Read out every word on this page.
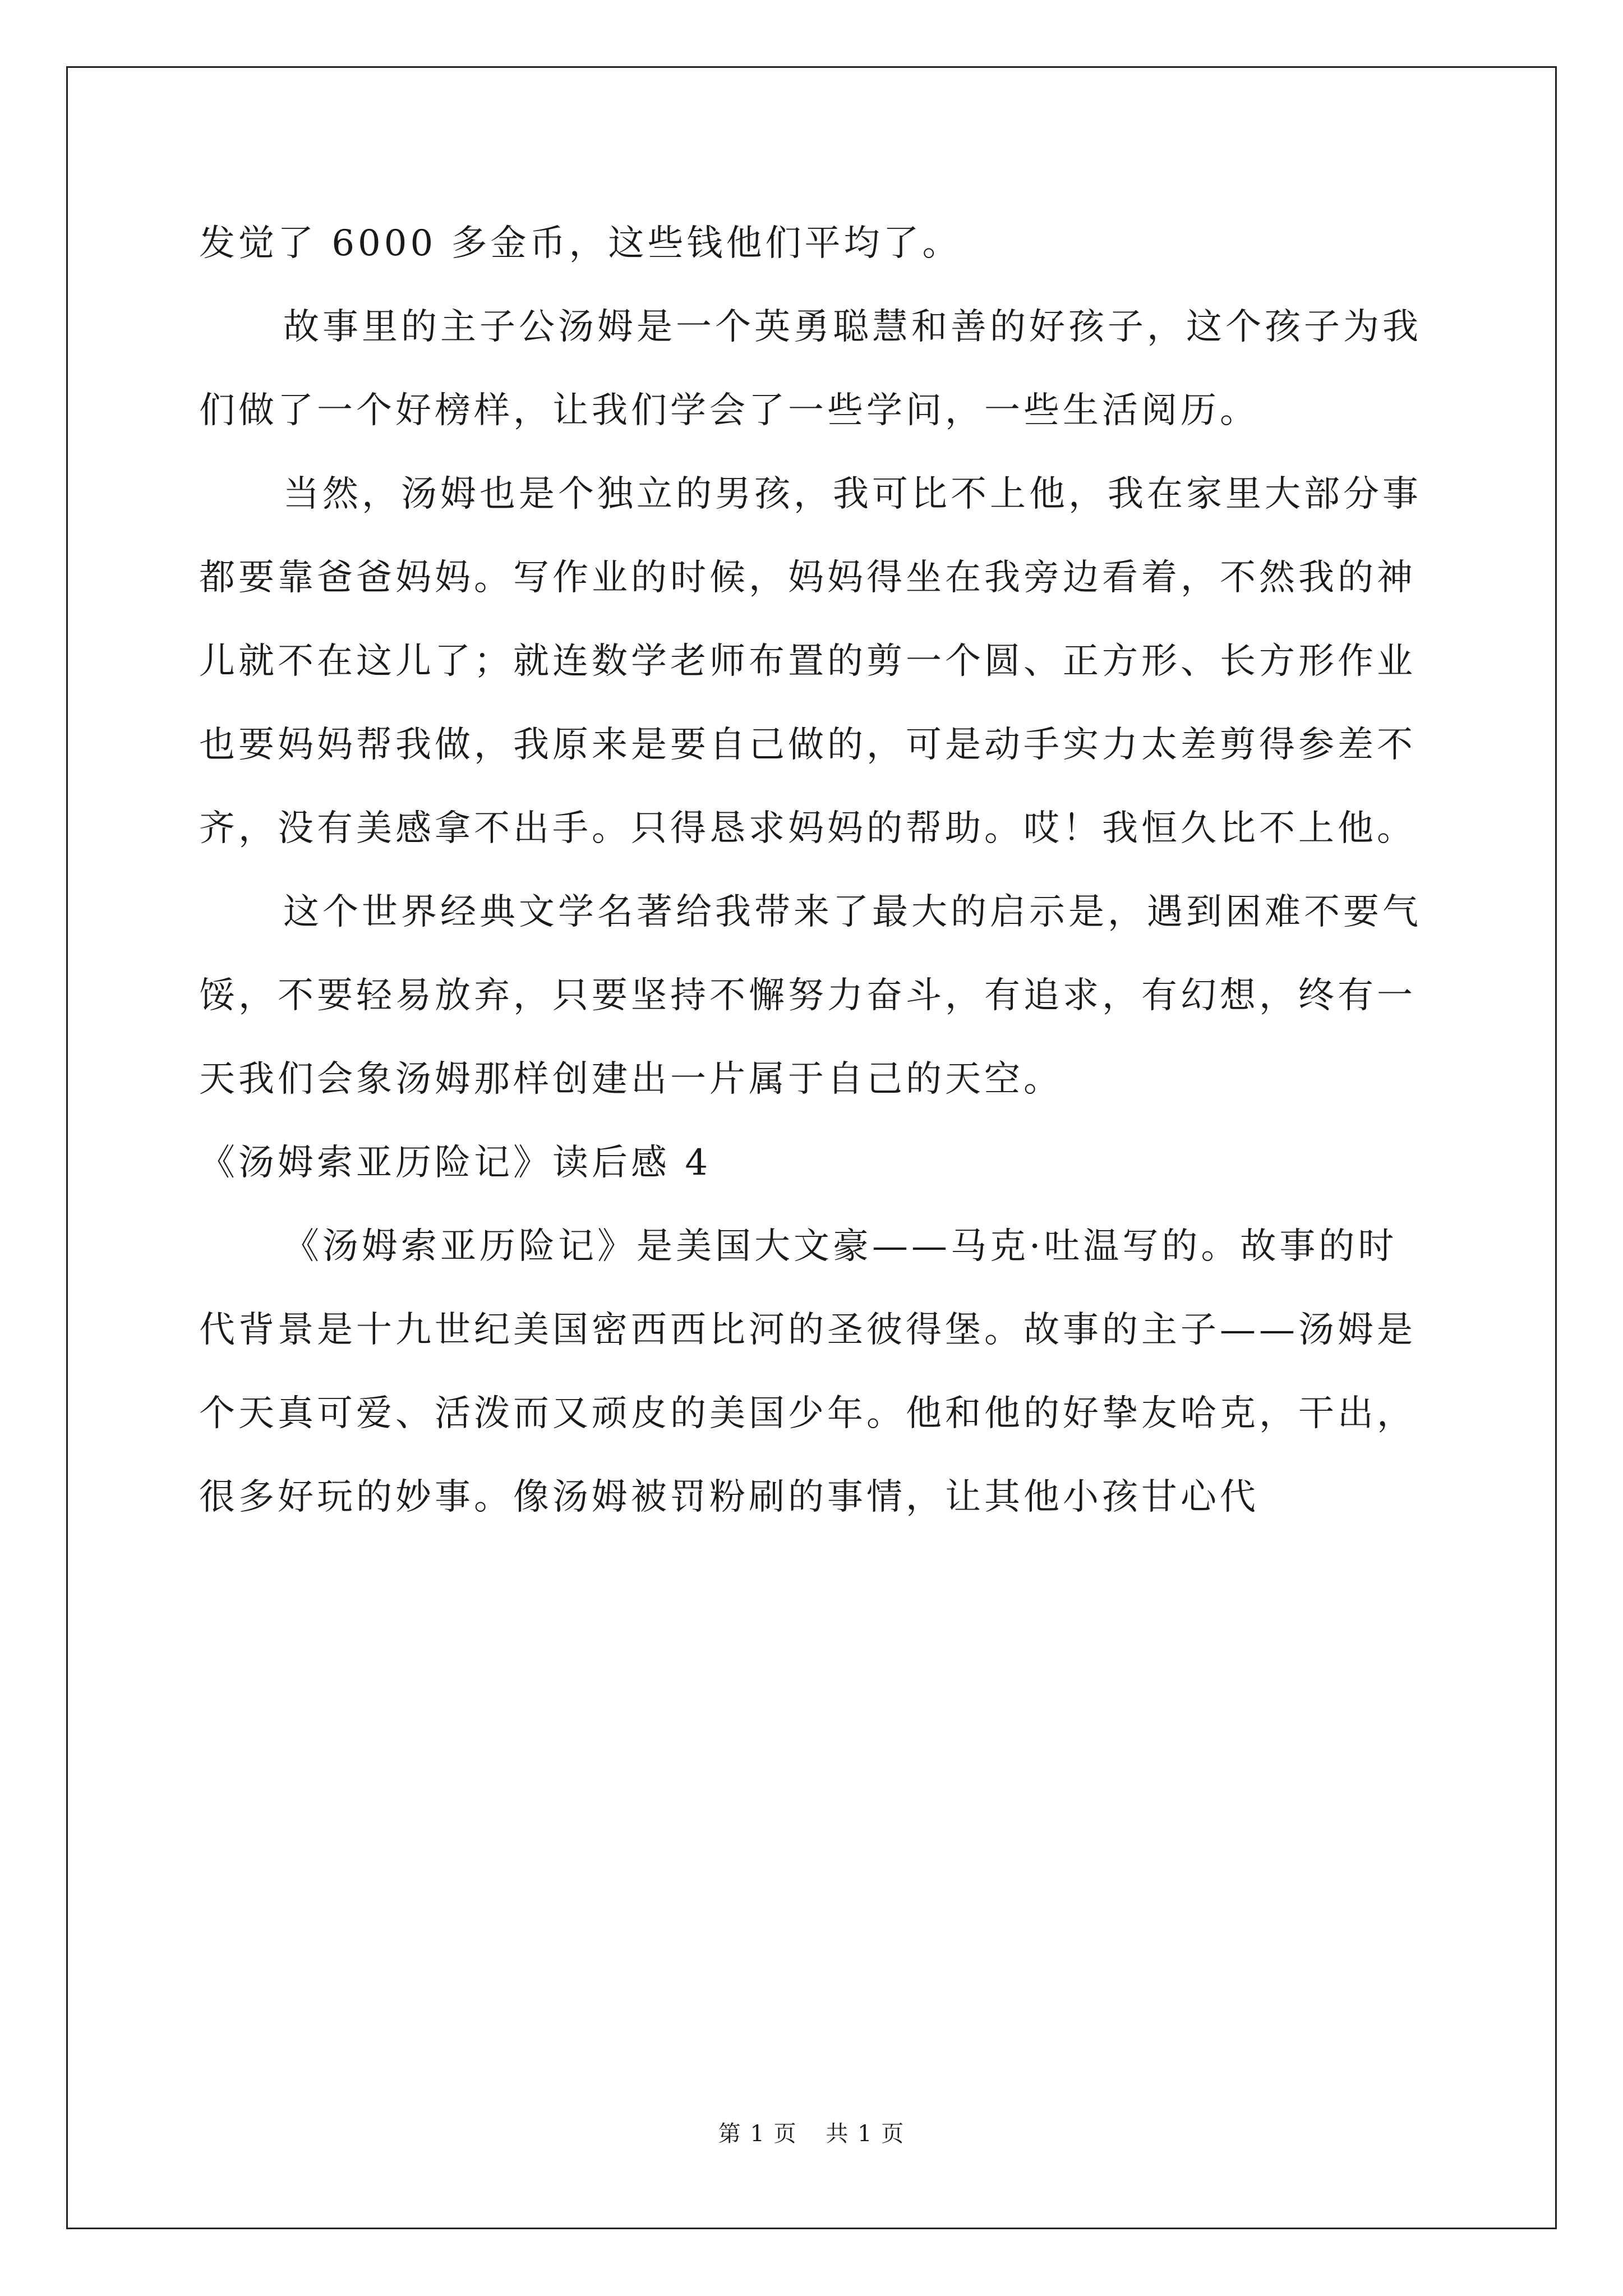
发觉了 6000 多金币，这些钱他们平均了。

故事里的主子公汤姆是一个英勇聪慧和善的好孩子，这个孩子为我们做了一个好榜样，让我们学会了一些学问，一些生活阅历。

当然，汤姆也是个独立的男孩，我可比不上他，我在家里大部分事都要靠爸爸妈妈。写作业的时候，妈妈得坐在我旁边看着，不然我的神儿就不在这儿了；就连数学老师布置的剪一个圆、正方形、长方形作业也要妈妈帮我做，我原来是要自己做的，可是动手实力太差剪得参差不齐，没有美感拿不出手。只得恳求妈妈的帮助。哎！我恒久比不上他。

这个世界经典文学名著给我带来了最大的启示是，遇到困难不要气馁，不要轻易放弃，只要坚持不懈努力奋斗，有追求，有幻想，终有一天我们会象汤姆那样创建出一片属于自己的天空。

《汤姆索亚历险记》读后感 4

《汤姆索亚历险记》是美国大文豪——马克·吐温写的。故事的时代背景是十九世纪美国密西西比河的圣彼得堡。故事的主子——汤姆是个天真可爱、活泼而又顽皮的美国少年。他和他的好挚友哈克，干出，很多好玩的妙事。像汤姆被罚粉刷的事情，让其他小孩甘心代

第 1 页 共 1 页
